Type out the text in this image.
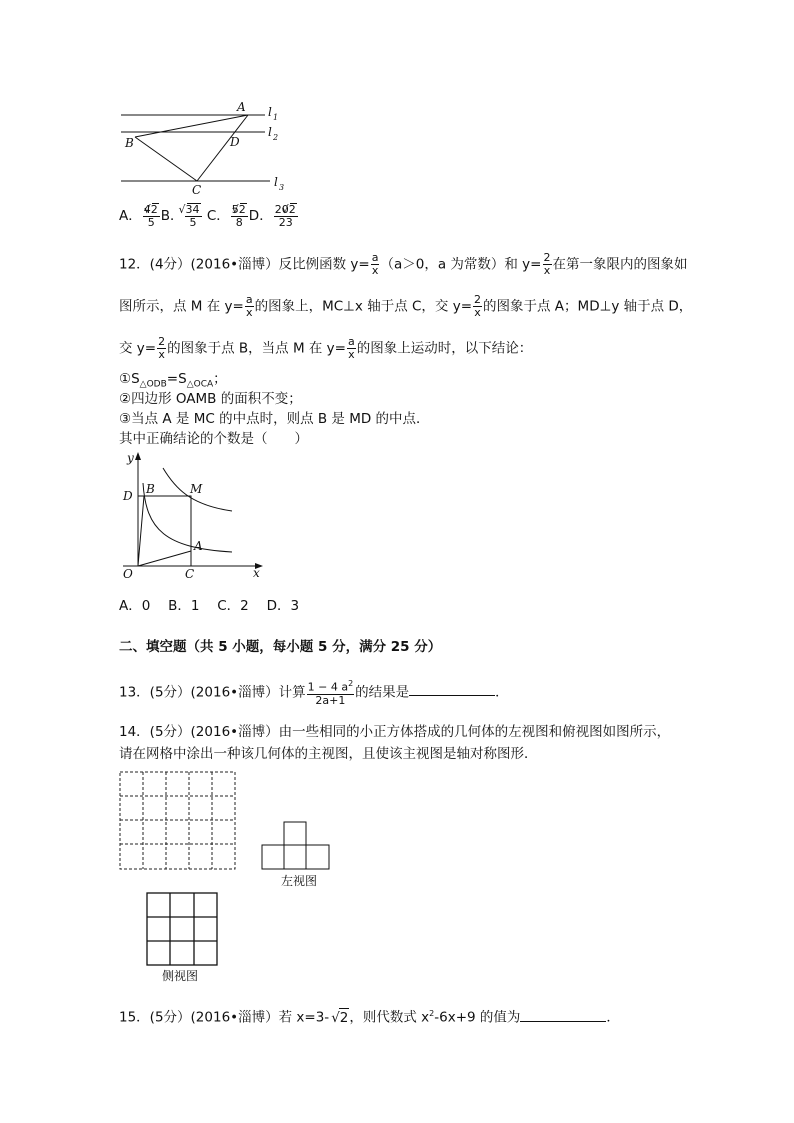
A
B
C
D
l 1
l 2
l 3
A． $\frac{4√ 2}{5}$ B． √ $\frac{34}{5}$ C． $\frac{5√ 2}{8}$ D． $\frac{20√ 2}{23}$
12．(4分）(2016•淄博）反比例函数 $y= \frac{a}{x} (a>0$，a 为常数）和 $y= \frac{2}{x}$ 在第一象限内的图象如
图所示，点 M 在 $y= \frac{a}{x}$ 的图象上，MC⊥x 轴于点 C，交 $y= \frac{2}{x}$ 的图象于点 A；MD⊥y 轴于点 D，
交 $y= \frac{2}{x}$ 的图象于点 B，当点 M 在 $y= \frac{a}{x}$ 的图象上运动时，以下结论：
$①S_{\triangle ODB}=S_{\triangle OCA}$；
②四边形 OAMB 的面积不变；
③当点 A 是 MC 的中点时，则点 B 是 MD 的中点．
其中正确结论的个数是（　　）
y
x
O	C
D B	M
A
A．0　 B．1　 C．2　 D．3
二、填空题（共 5 小题，每小题 5 分，满分 25 分）
13．(5分）(2016•淄博）计算 $\frac{1 - 4 a^2}{2a+1}$ 的结果是	．
14．(5分）(2016•淄博）由一些相同的小正方体搭成的几何体的左视图和俯视图如图所示，
请在网格中涂出一种该几何体的主视图，且使该主视图是轴对称图形．
左视图
侧视图
15．(5分）(2016•淄博）若 x=3- √ 2，则代数式 $x^2-6x+9$ 的值为	．
